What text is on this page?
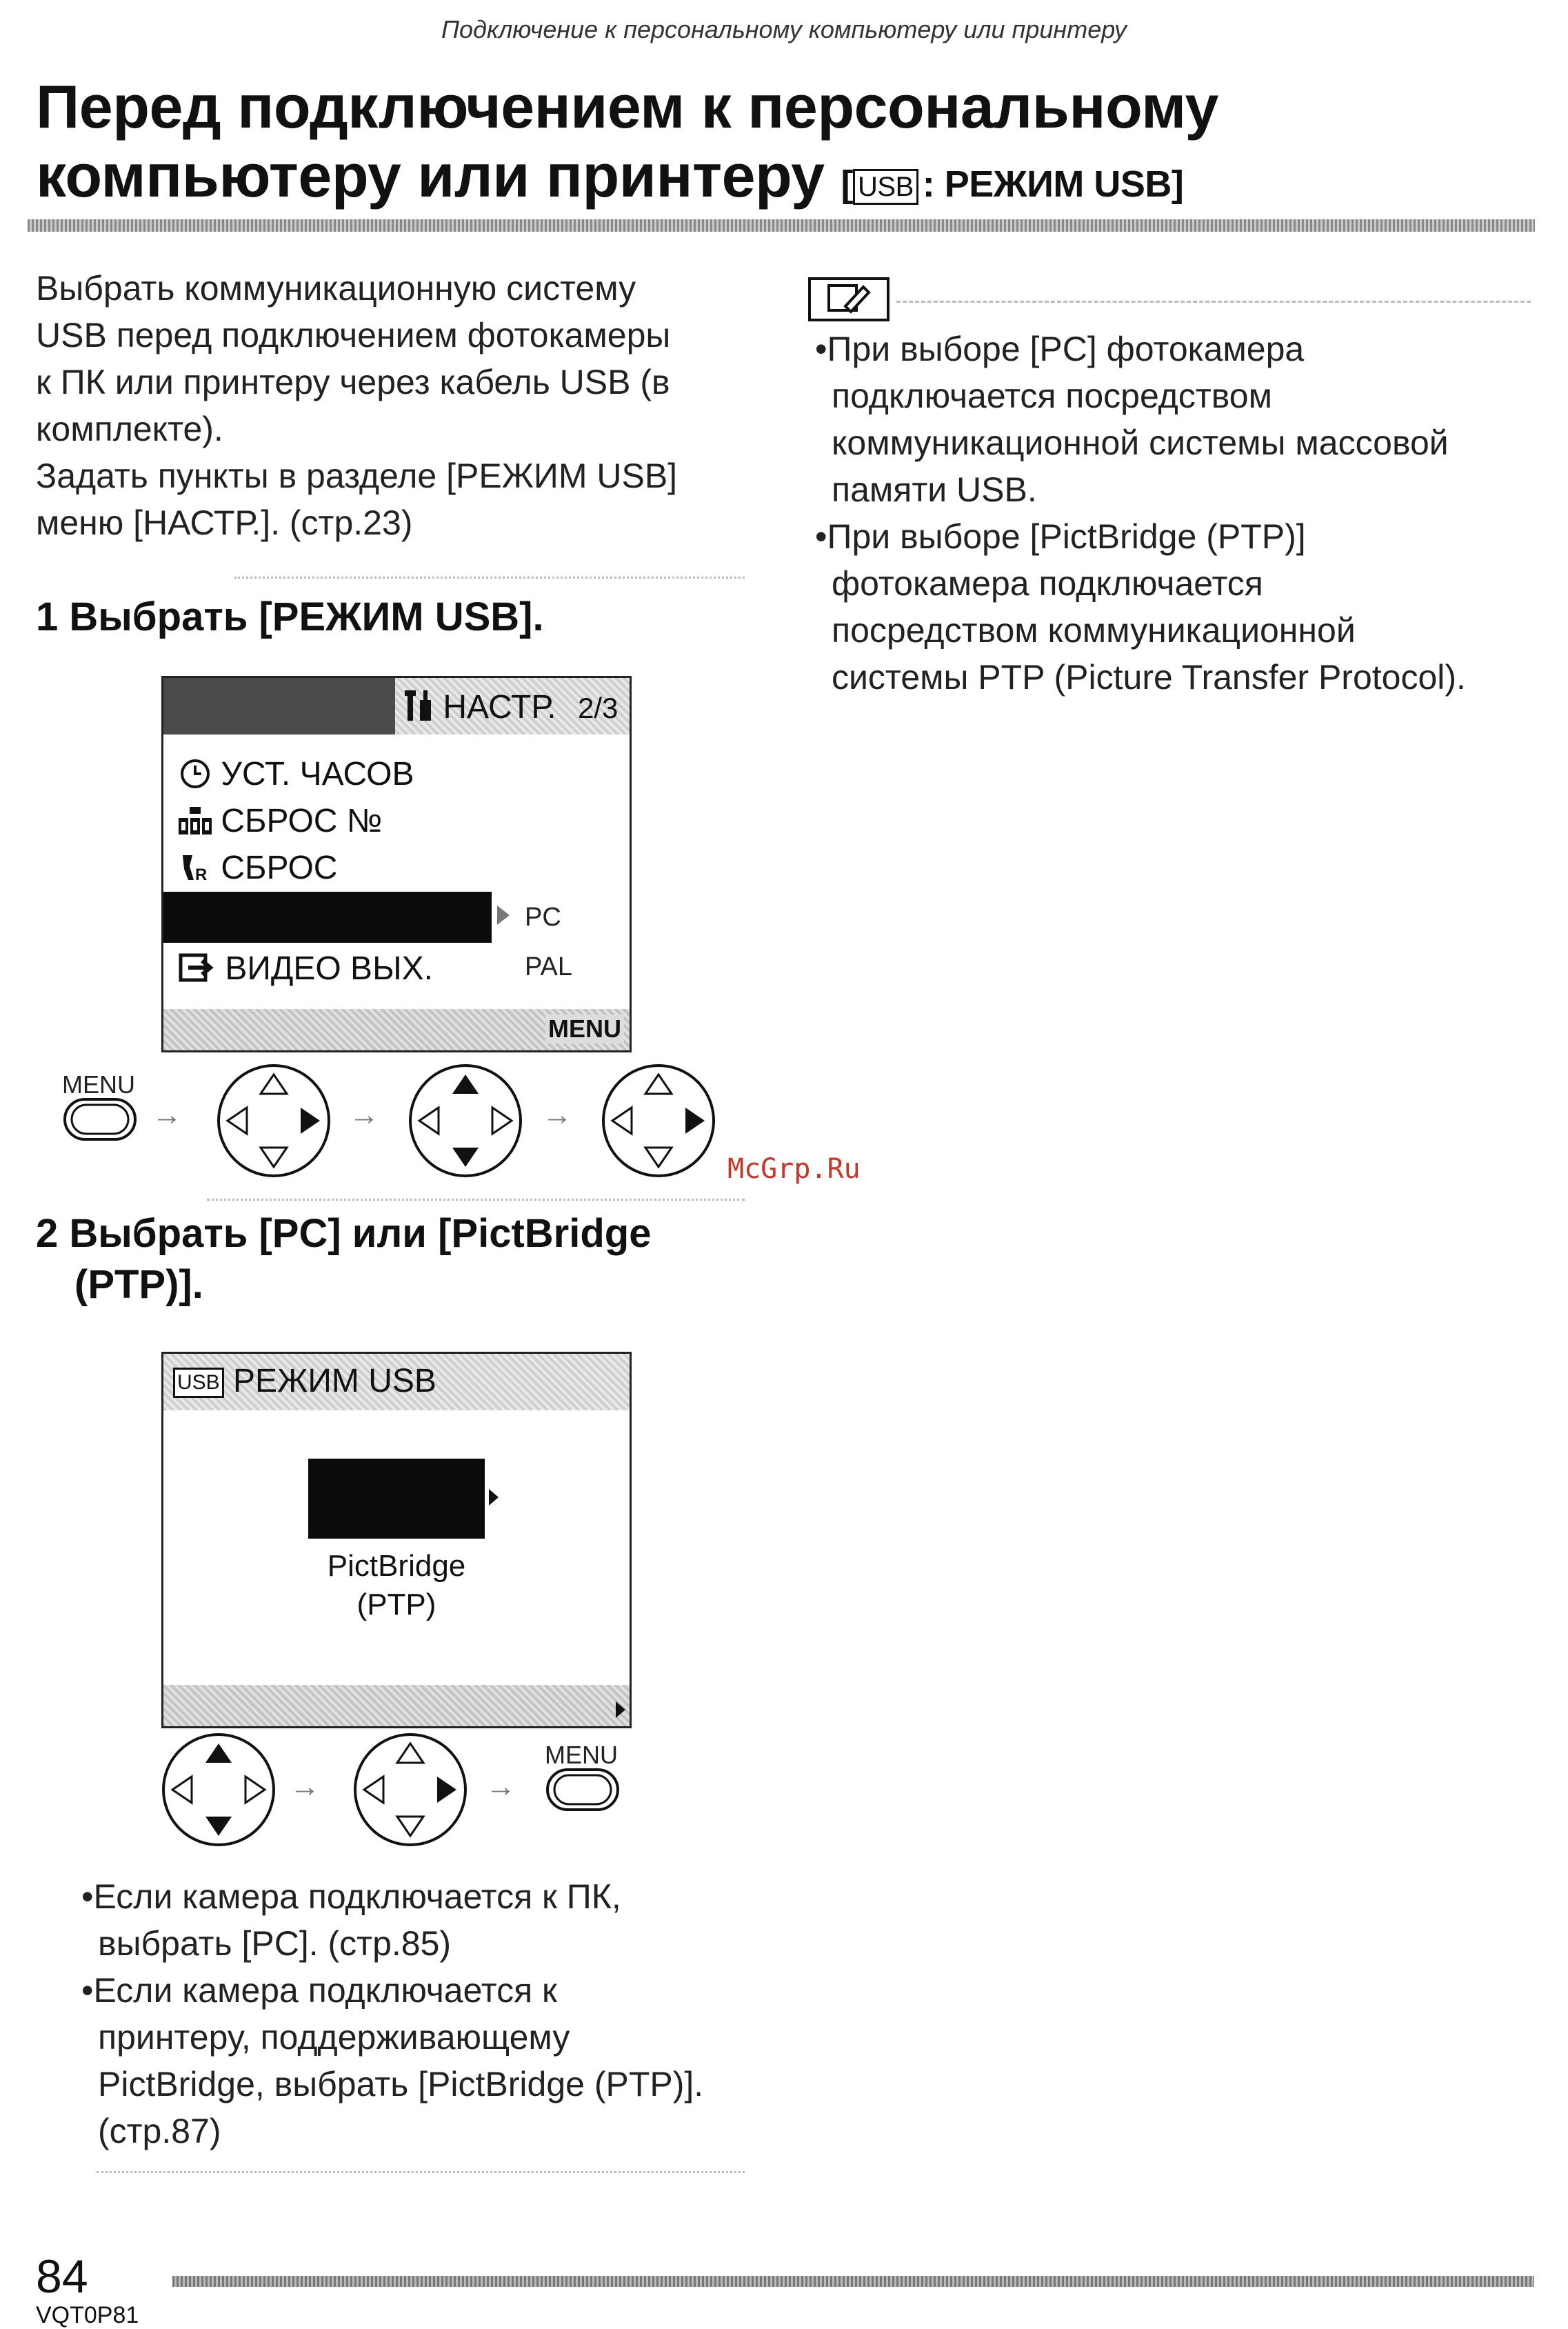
Подключение к персональному компьютеру или принтеру
Перед подключением к персональному
компьютеру или принтеру [ USB : РЕЖИМ USB]
Выбрать коммуникационную систему
USB перед подключением фотокамеры
к ПК или принтеру через кабель USB (в
комплекте).
Задать пункты в разделе [РЕЖИМ USB]
меню [НАСТР.]. (стр.23)
1 Выбрать [РЕЖИМ USB].
НАСТР. 2/3
УСТ. ЧАСОВ
СБРОС №
R СБРОС
PC
ВИДЕО ВЫХ.	PAL
MENU
MENU
→	→	→
McGrp.Ru
2 Выбрать [PC] или [PictBridge
(PTP)].
USB РЕЖИМ USB
PictBridge
(PTP)
→	→
MENU
•Если камера подключается к ПК,
выбрать [PC]. (стр.85)
•Если камера подключается к
принтеру, поддерживающему
PictBridge, выбрать [PictBridge (PTP)].
(стр.87)
•При выборе [PC] фотокамера
подключается посредством
коммуникационной системы массовой
памяти USB.
•При выборе [PictBridge (PTP)]
фотокамера подключается
посредством коммуникационной
системы PTP (Picture Transfer Protocol).
84
VQT0P81
